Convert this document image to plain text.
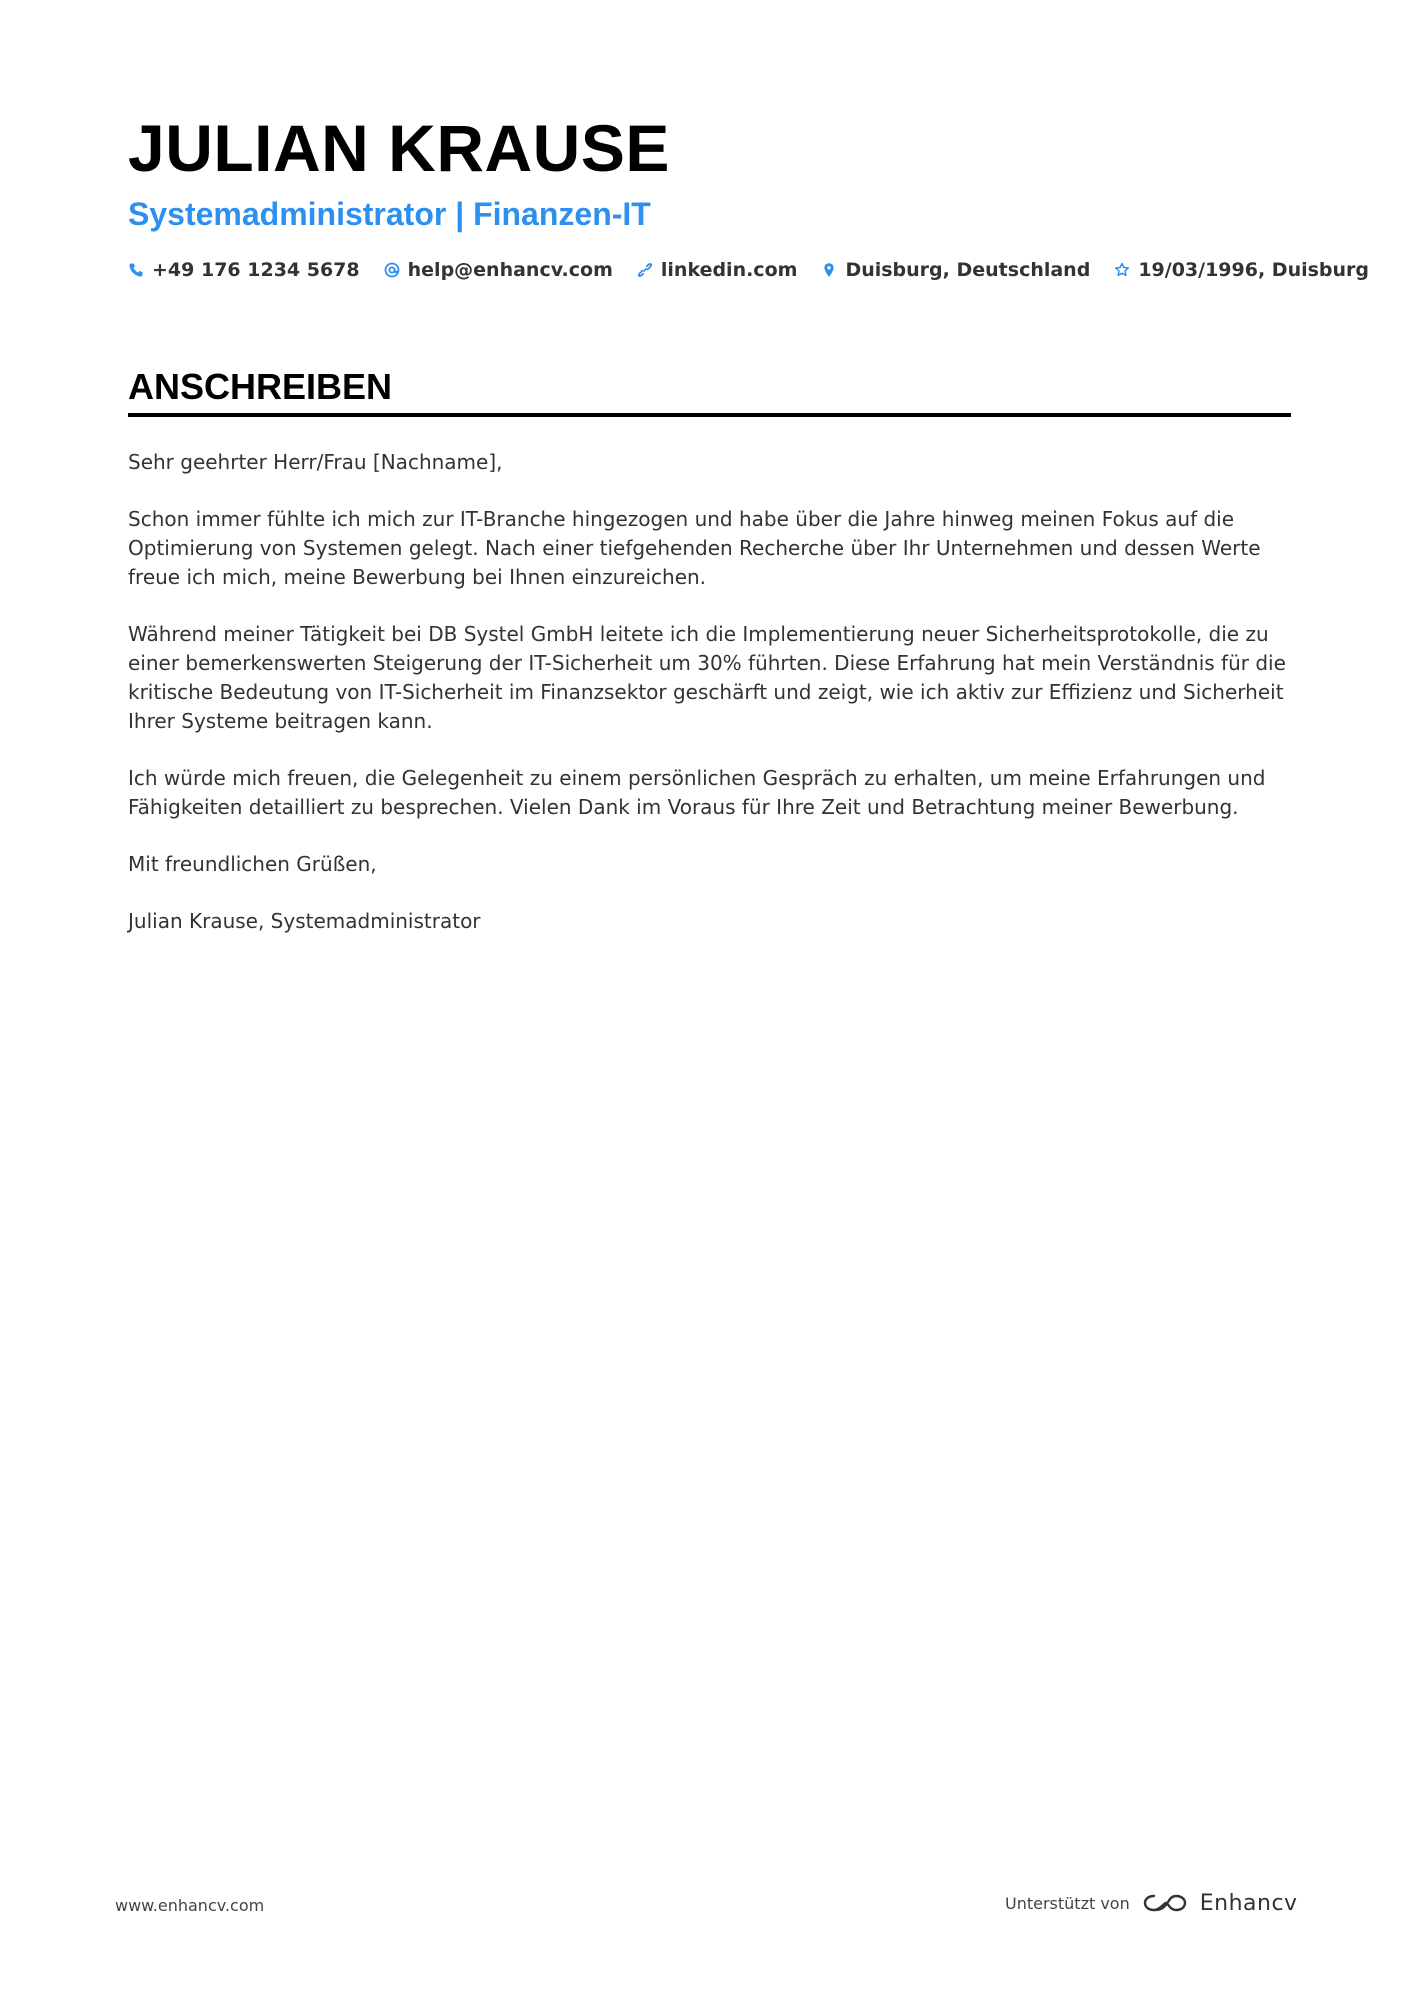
JULIAN KRAUSE
Systemadministrator | Finanzen-IT
+49 176 1234 5678	help@enhancv.com	linkedin.com	Duisburg, Deutschland	19/03/1996, Duisburg
ANSCHREIBEN

Sehr geehrter Herr/Frau [Nachname],

Schon immer fühlte ich mich zur IT-Branche hingezogen und habe über die Jahre hinweg meinen Fokus auf die Optimierung von Systemen gelegt. Nach einer tiefgehenden Recherche über Ihr Unternehmen und dessen Werte freue ich mich, meine Bewerbung bei Ihnen einzureichen.

Während meiner Tätigkeit bei DB Systel GmbH leitete ich die Implementierung neuer Sicherheitsprotokolle, die zu einer bemerkenswerten Steigerung der IT-Sicherheit um 30% führten. Diese Erfahrung hat mein Verständnis für die kritische Bedeutung von IT-Sicherheit im Finanzsektor geschärft und zeigt, wie ich aktiv zur Effizienz und Sicherheit Ihrer Systeme beitragen kann.

Ich würde mich freuen, die Gelegenheit zu einem persönlichen Gespräch zu erhalten, um meine Erfahrungen und Fähigkeiten detailliert zu besprechen. Vielen Dank im Voraus für Ihre Zeit und Betrachtung meiner Bewerbung.

Mit freundlichen Grüßen,

Julian Krause, Systemadministrator

www.enhancv.com	Unterstützt von	Enhancv
